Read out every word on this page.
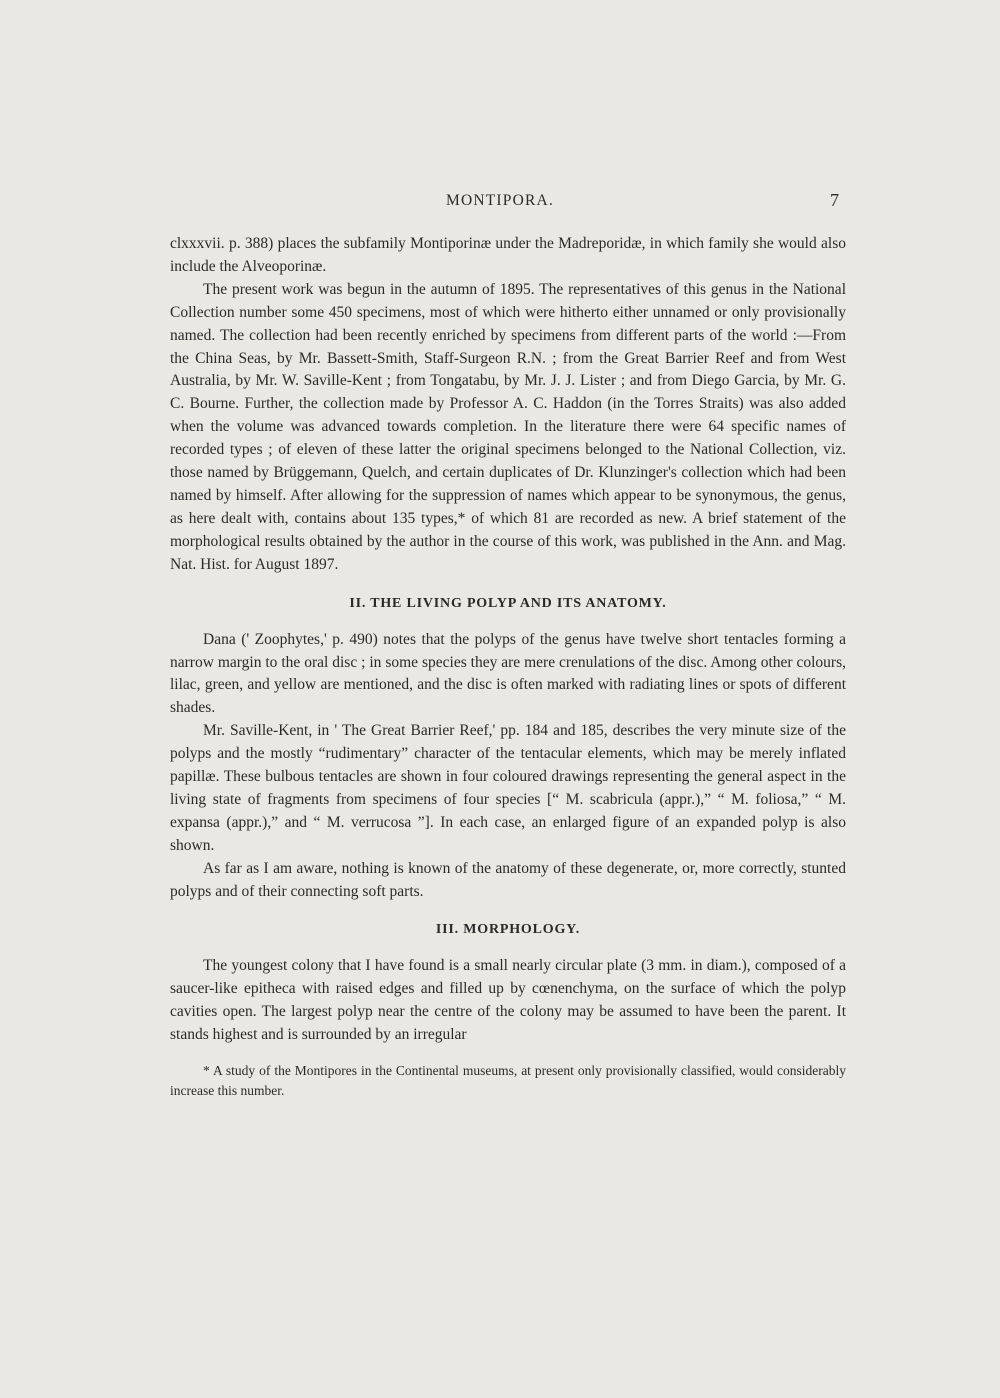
MONTIPORA.	7

clxxxvii. p. 388) places the subfamily Montiporinæ under the Madreporidæ, in which family she would also include the Alveoporinæ.

The present work was begun in the autumn of 1895. The representatives of this genus in the National Collection number some 450 specimens, most of which were hitherto either unnamed or only provisionally named. The collection had been recently enriched by specimens from different parts of the world :—From the China Seas, by Mr. Bassett-Smith, Staff-Surgeon R.N. ; from the Great Barrier Reef and from West Australia, by Mr. W. Saville-Kent ; from Tongatabu, by Mr. J. J. Lister ; and from Diego Garcia, by Mr. G. C. Bourne. Further, the collection made by Professor A. C. Haddon (in the Torres Straits) was also added when the volume was advanced towards completion. In the literature there were 64 specific names of recorded types ; of eleven of these latter the original specimens belonged to the National Collection, viz. those named by Brüggemann, Quelch, and certain duplicates of Dr. Klunzinger's collection which had been named by himself. After allowing for the suppression of names which appear to be synonymous, the genus, as here dealt with, contains about 135 types,* of which 81 are recorded as new. A brief statement of the morphological results obtained by the author in the course of this work, was published in the Ann. and Mag. Nat. Hist. for August 1897.

II. THE LIVING POLYP AND ITS ANATOMY.

Dana (' Zoophytes,' p. 490) notes that the polyps of the genus have twelve short tentacles forming a narrow margin to the oral disc ; in some species they are mere crenulations of the disc. Among other colours, lilac, green, and yellow are mentioned, and the disc is often marked with radiating lines or spots of different shades.

Mr. Saville-Kent, in ' The Great Barrier Reef,' pp. 184 and 185, describes the very minute size of the polyps and the mostly “rudimentary” character of the tentacular elements, which may be merely inflated papillæ. These bulbous tentacles are shown in four coloured drawings representing the general aspect in the living state of fragments from specimens of four species [“ M. scabricula (appr.),” “ M. foliosa,” “ M. expansa (appr.),” and “ M. verrucosa ”]. In each case, an enlarged figure of an expanded polyp is also shown.

As far as I am aware, nothing is known of the anatomy of these degenerate, or, more correctly, stunted polyps and of their connecting soft parts.

III. MORPHOLOGY.

The youngest colony that I have found is a small nearly circular plate (3 mm. in diam.), composed of a saucer-like epitheca with raised edges and filled up by cœnenchyma, on the surface of which the polyp cavities open. The largest polyp near the centre of the colony may be assumed to have been the parent. It stands highest and is surrounded by an irregular

* A study of the Montipores in the Continental museums, at present only provisionally classified, would considerably increase this number.
